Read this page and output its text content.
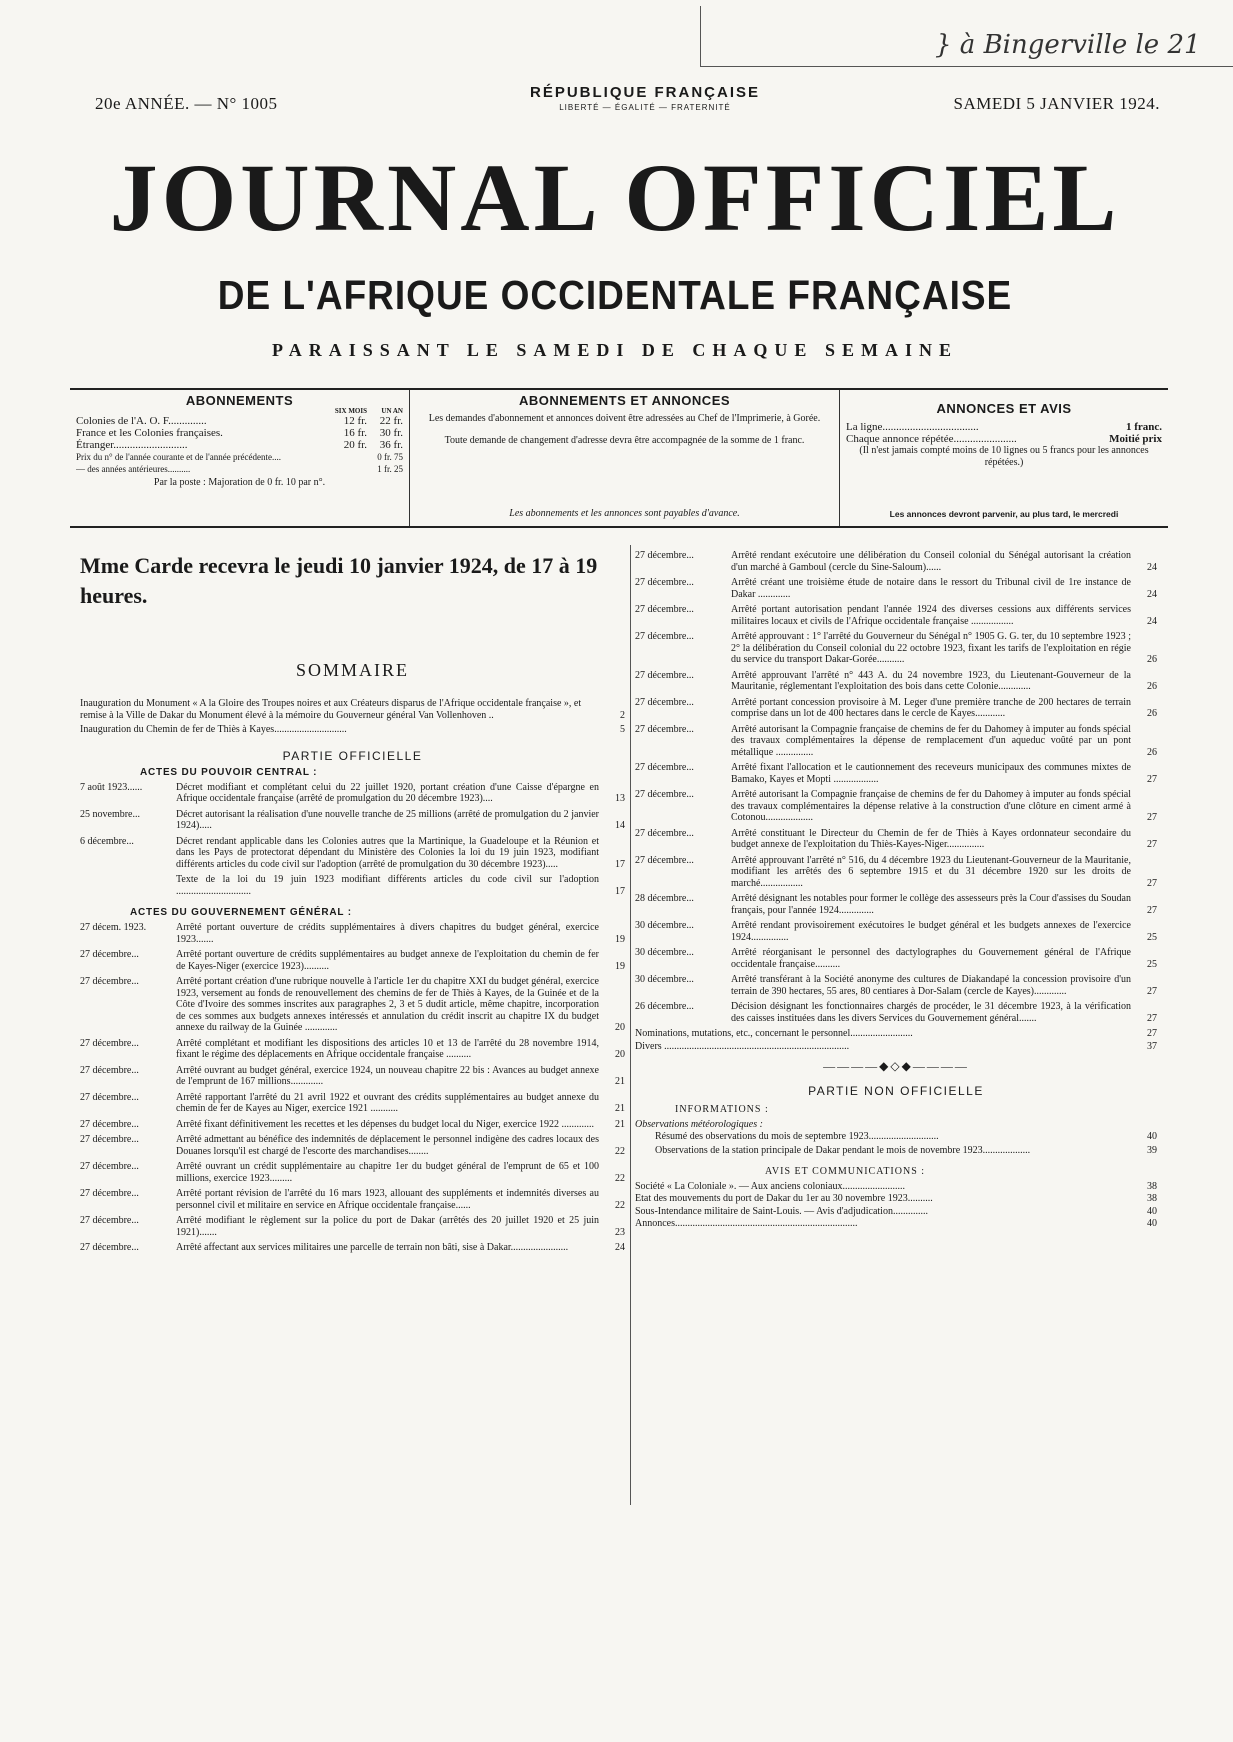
} à Bingerville le 21
20e ANNÉE. — N° 1005
RÉPUBLIQUE FRANÇAISE
LIBERTÉ — ÉGALITÉ — FRATERNITÉ	SAMEDI 5 JANVIER 1924.
JOURNAL OFFICIEL
DE L'AFRIQUE OCCIDENTALE FRANÇAISE
PARAISSANT LE SAMEDI DE CHAQUE SEMAINE
ABONNEMENTS
SIX MOIS	UN AN
Colonies de l'A. O. F..............	12 fr.	22 fr.
France et les Colonies françaises.	16 fr.	30 fr.
Étranger...........................	20 fr.	36 fr.
Prix du n° de l'année courante et de l'année précédente....	0 fr. 75
— des années antérieures..........	1 fr. 25
Par la poste : Majoration de 0 fr. 10 par n°.
ABONNEMENTS ET ANNONCES
Les demandes d'abonnement et annonces doivent être adressées au Chef de l'Imprimerie, à Gorée.
Toute demande de changement d'adresse devra être accompagnée de la somme de 1 franc.
Les abonnements et les annonces sont payables d'avance.
ANNONCES ET AVIS
La ligne...................................	1 franc.
Chaque annonce répétée.......................	Moitié prix
(Il n'est jamais compté moins de 10 lignes ou 5 francs pour les annonces répétées.)
Les annonces devront parvenir, au plus tard, le mercredi
Mme Carde recevra le jeudi 10 janvier 1924, de 17 à 19 heures.
SOMMAIRE
Inauguration du Monument « A la Gloire des Troupes noires et aux Créateurs disparus de l'Afrique occidentale française », et remise à la Ville de Dakar du Monument élevé à la mémoire du Gouverneur général Van Vollenhoven ..	2
Inauguration du Chemin de fer de Thiès à Kayes.............................	5
PARTIE OFFICIELLE
ACTES DU POUVOIR CENTRAL :
7 août 1923......	Décret modifiant et complétant celui du 22 juillet 1920, portant création d'une Caisse d'épargne en Afrique occidentale française (arrêté de promulgation du 20 décembre 1923)....	13
25 novembre...	Décret autorisant la réalisation d'une nouvelle tranche de 25 millions (arrêté de promulgation du 2 janvier 1924).....	14
6 décembre...	Décret rendant applicable dans les Colonies autres que la Martinique, la Guadeloupe et la Réunion et dans les Pays de protectorat dépendant du Ministère des Colonies la loi du 19 juin 1923, modifiant différents articles du code civil sur l'adoption (arrêté de promulgation du 30 décembre 1923).....	17
Texte de la loi du 19 juin 1923 modifiant différents articles du code civil sur l'adoption ..............................	17
ACTES DU GOUVERNEMENT GÉNÉRAL :
27 décem. 1923.	Arrêté portant ouverture de crédits supplémentaires à divers chapitres du budget général, exercice 1923.......	19
27 décembre...	Arrêté portant ouverture de crédits supplémentaires au budget annexe de l'exploitation du chemin de fer de Kayes-Niger (exercice 1923)..........	19
27 décembre...	Arrêté portant création d'une rubrique nouvelle à l'article 1er du chapitre XXI du budget général, exercice 1923, versement au fonds de renouvellement des chemins de fer de Thiès à Kayes, de la Guinée et de la Côte d'Ivoire des sommes inscrites aux paragraphes 2, 3 et 5 dudit article, même chapitre, incorporation de ces sommes aux budgets annexes intéressés et annulation du crédit inscrit au chapitre IX du budget annexe du railway de la Guinée .............	20
27 décembre...	Arrêté complétant et modifiant les dispositions des articles 10 et 13 de l'arrêté du 28 novembre 1914, fixant le régime des déplacements en Afrique occidentale française ..........	20
27 décembre...	Arrêté ouvrant au budget général, exercice 1924, un nouveau chapitre 22 bis : Avances au budget annexe de l'emprunt de 167 millions.............	21
27 décembre...	Arrêté rapportant l'arrêté du 21 avril 1922 et ouvrant des crédits supplémentaires au budget annexe du chemin de fer de Kayes au Niger, exercice 1921 ...........	21
27 décembre...	Arrêté fixant définitivement les recettes et les dépenses du budget local du Niger, exercice 1922 .............	21
27 décembre...	Arrêté admettant au bénéfice des indemnités de déplacement le personnel indigène des cadres locaux des Douanes lorsqu'il est chargé de l'escorte des marchandises........	22
27 décembre...	Arrêté ouvrant un crédit supplémentaire au chapitre 1er du budget général de l'emprunt de 65 et 100 millions, exercice 1923.........	22
27 décembre...	Arrêté portant révision de l'arrêté du 16 mars 1923, allouant des suppléments et indemnités diverses au personnel civil et militaire en service en Afrique occidentale française......	22
27 décembre...	Arrêté modifiant le règlement sur la police du port de Dakar (arrêtés des 20 juillet 1920 et 25 juin 1921).......	23
27 décembre...	Arrêté affectant aux services militaires une parcelle de terrain non bâti, sise à Dakar.......................	24
27 décembre...	Arrêté rendant exécutoire une délibération du Conseil colonial du Sénégal autorisant la création d'un marché à Gamboul (cercle du Sine-Saloum)......	24
27 décembre...	Arrêté créant une troisième étude de notaire dans le ressort du Tribunal civil de 1re instance de Dakar .............	24
27 décembre...	Arrêté portant autorisation pendant l'année 1924 des diverses cessions aux différents services militaires locaux et civils de l'Afrique occidentale française .................	24
27 décembre...	Arrêté approuvant : 1° l'arrêté du Gouverneur du Sénégal n° 1905 G. G. ter, du 10 septembre 1923 ; 2° la délibération du Conseil colonial du 22 octobre 1923, fixant les tarifs de l'exploitation en régie du service du transport Dakar-Gorée...........	26
27 décembre...	Arrêté approuvant l'arrêté n° 443 A. du 24 novembre 1923, du Lieutenant-Gouverneur de la Mauritanie, réglementant l'exploitation des bois dans cette Colonie.............	26
27 décembre...	Arrêté portant concession provisoire à M. Leger d'une première tranche de 200 hectares de terrain comprise dans un lot de 400 hectares dans le cercle de Kayes............	26
27 décembre...	Arrêté autorisant la Compagnie française de chemins de fer du Dahomey à imputer au fonds spécial des travaux complémentaires la dépense de remplacement d'un aqueduc voûté par un pont métallique ...............	26
27 décembre...	Arrêté fixant l'allocation et le cautionnement des receveurs municipaux des communes mixtes de Bamako, Kayes et Mopti ..................	27
27 décembre...	Arrêté autorisant la Compagnie française de chemins de fer du Dahomey à imputer au fonds spécial des travaux complémentaires la dépense relative à la construction d'une clôture en ciment armé à Cotonou...................	27
27 décembre...	Arrêté constituant le Directeur du Chemin de fer de Thiès à Kayes ordonnateur secondaire du budget annexe de l'exploitation du Thiès-Kayes-Niger...............	27
27 décembre...	Arrêté approuvant l'arrêté n° 516, du 4 décembre 1923 du Lieutenant-Gouverneur de la Mauritanie, modifiant les arrêtés des 6 septembre 1915 et du 31 décembre 1920 sur les droits de marché.................	27
28 décembre...	Arrêté désignant les notables pour former le collège des assesseurs près la Cour d'assises du Soudan français, pour l'année 1924..............	27
30 décembre...	Arrêté rendant provisoirement exécutoires le budget général et les budgets annexes de l'exercice 1924...............	25
30 décembre...	Arrêté réorganisant le personnel des dactylographes du Gouvernement général de l'Afrique occidentale française..........	25
30 décembre...	Arrêté transférant à la Société anonyme des cultures de Diakandapé la concession provisoire d'un terrain de 390 hectares, 55 ares, 80 centiares à Dor-Salam (cercle de Kayes).............	27
26 décembre...	Décision désignant les fonctionnaires chargés de procéder, le 31 décembre 1923, à la vérification des caisses instituées dans les divers Services du Gouvernement général.......	27
Nominations, mutations, etc., concernant le personnel.........................	27
Divers ..........................................................................	37
————◆◇◆————
PARTIE NON OFFICIELLE
INFORMATIONS :
Observations météorologiques :
Résumé des observations du mois de septembre 1923............................	40
Observations de la station principale de Dakar pendant le mois de novembre 1923...................	39
AVIS ET COMMUNICATIONS :
Société « La Coloniale ». — Aux anciens coloniaux.........................	38
Etat des mouvements du port de Dakar du 1er au 30 novembre 1923..........	38
Sous-Intendance militaire de Saint-Louis. — Avis d'adjudication..............	40
Annonces.........................................................................	40
